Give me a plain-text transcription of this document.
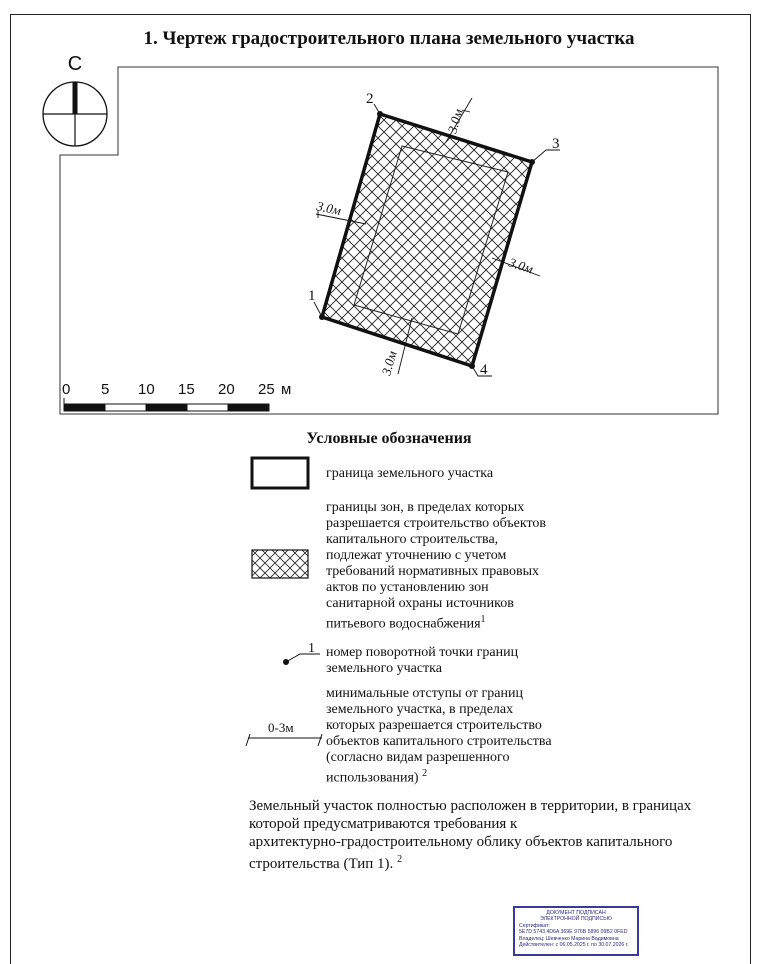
1. Чертеж градостроительного плана земельного участка
С
1
2
3
4
3.0м
3.0м
3.0м
3.0м
0 5 10 15 20 25 м
Условные обозначения
граница земельного участка
границы зон, в пределах которых
разрешается строительство объектов
капитального строительства,
подлежат уточнению с учетом
требований нормативных правовых
актов по установлению зон
санитарной охраны источников
питьевого водоснабжения$^1$
1 номер поворотной точки границ
земельного участка
0-3м
минимальные отступы от границ
земельного участка, в пределах
которых разрешается строительство
объектов капитального строительства
(согласно видам разрешенного
использования) $^2$
Земельный участок полностью расположен в территории, в границах
которой предусматриваются требования к
архитектурно-градостроительному облику объектов капитального
строительства (Тип 1). $^2$
ДОКУМЕНТ ПОДПИСАН
ЭЛЕКТРОННОЙ ПОДПИСЬЮ
Сертификат:
5E7D 5743 4D6A 369E 976B 5896 09B2 0FED
Владелец: Шевченко Марина Вадимовна
Действителен: с 06.05.2025 г. по 30.07.2026 г.
